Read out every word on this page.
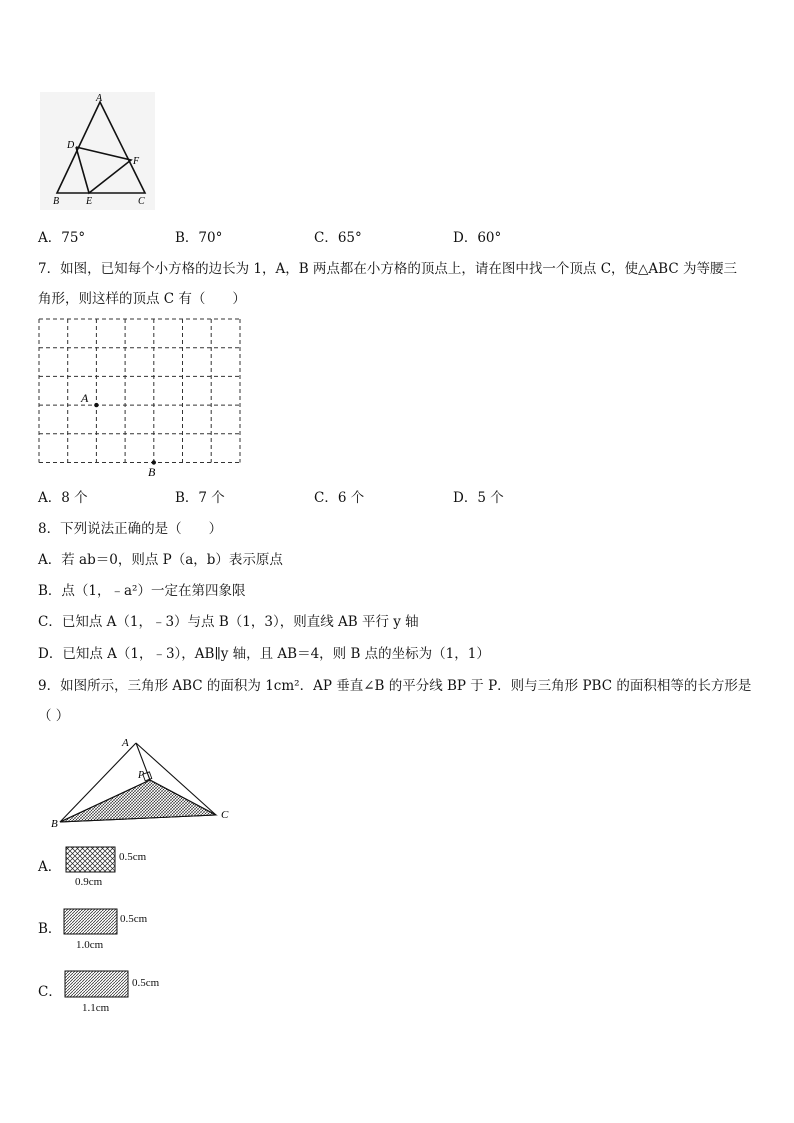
A
D
F
B	E	C
A．75°	B．70°	C．65°	D．60°
7．如图，已知每个小方格的边长为 1，A，B 两点都在小方格的顶点上，请在图中找一个顶点 C，使△ABC 为等腰三
角形，则这样的顶点 C 有（　　）
A
B
A．8 个	B．7 个	C．6 个	D．5 个
8．下列说法正确的是（　　）
A．若 ab＝0，则点 P（a，b）表示原点
B．点（1，﹣a²）一定在第四象限
C．已知点 A（1，﹣3）与点 B（1，3），则直线 AB 平行 y 轴
D．已知点 A（1，﹣3），AB∥y 轴，且 AB＝4，则 B 点的坐标为（1，1）
9．如图所示，三角形 ABC 的面积为 1cm²．AP 垂直∠B 的平分线 BP 于 P．则与三角形 PBC 的面积相等的长方形是
（ ）
A
P
B
C
A．
0.5cm
0.9cm
B．
0.5cm
1.0cm
C．
0.5cm
1.1cm
